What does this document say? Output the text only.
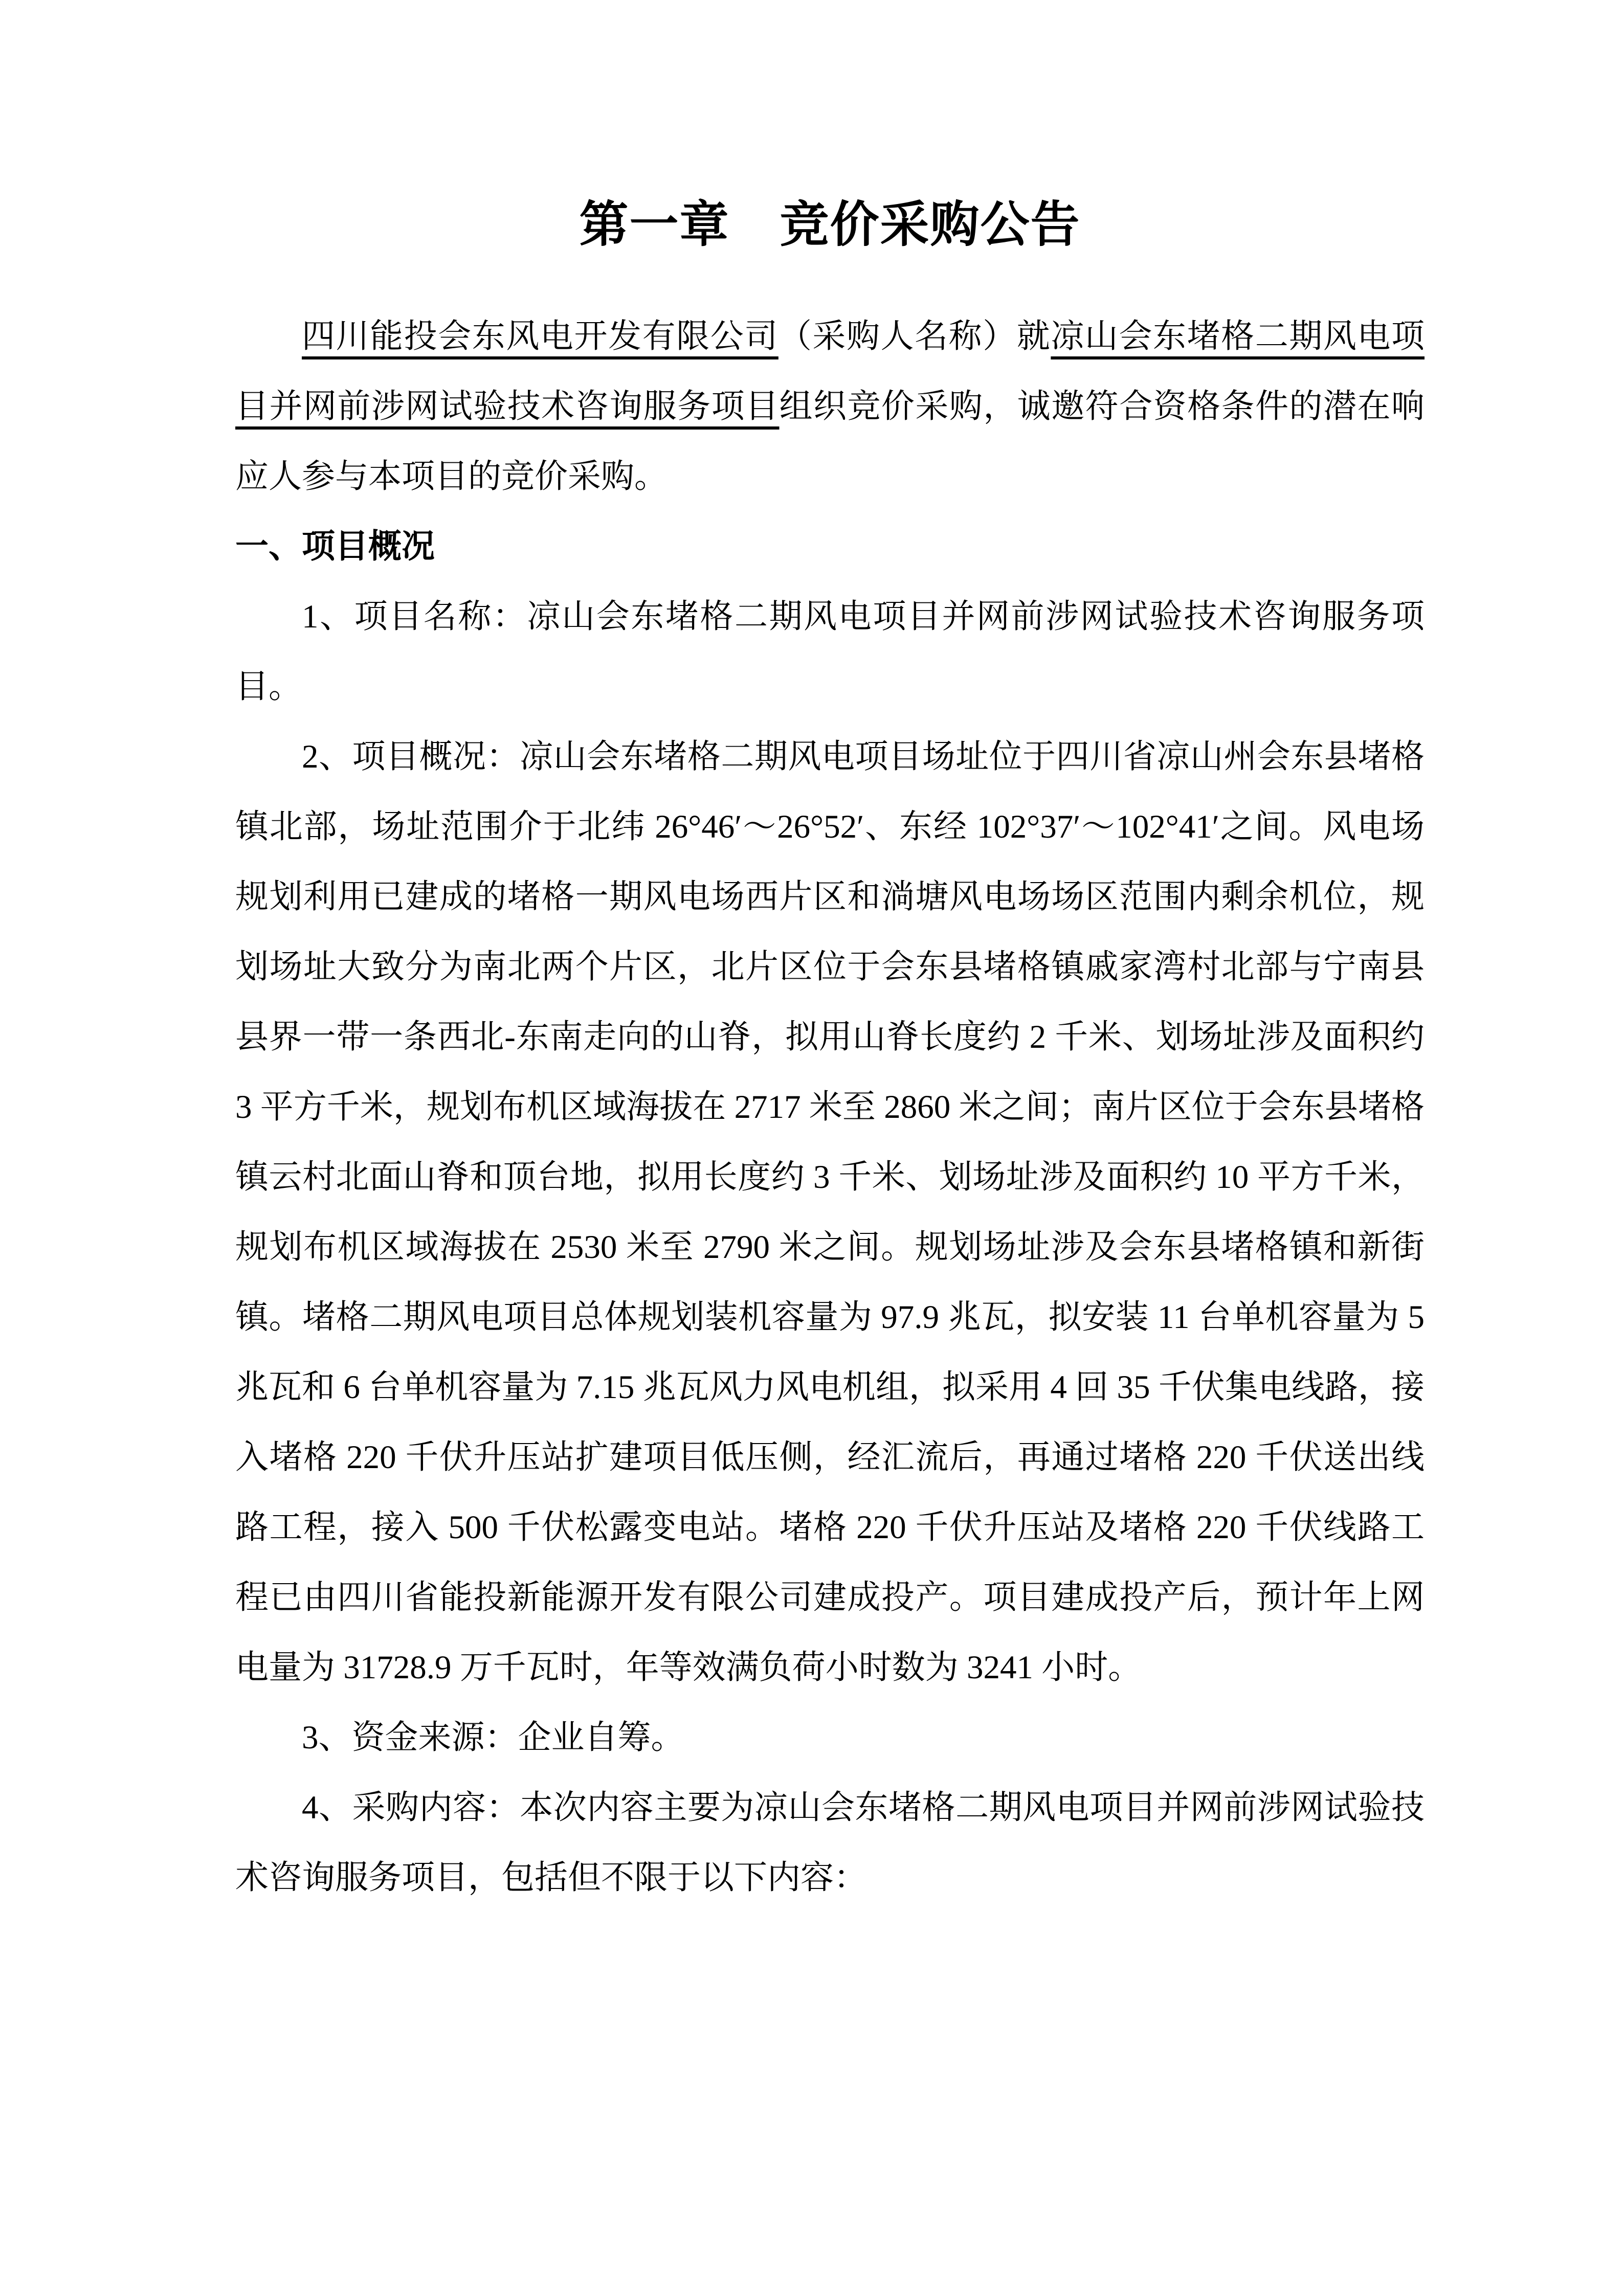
第一章　竞价采购公告

四川能投会东风电开发有限公司（采购人名称）就凉山会东堵格二期风电项目并网前涉网试验技术咨询服务项目组织竞价采购，诚邀符合资格条件的潜在响应人参与本项目的竞价采购。

一、项目概况

1、项目名称：凉山会东堵格二期风电项目并网前涉网试验技术咨询服务项目。

2、项目概况：凉山会东堵格二期风电项目场址位于四川省凉山州会东县堵格镇北部，场址范围介于北纬 26°46′～26°52′、东经 102°37′～102°41′之间。风电场规划利用已建成的堵格一期风电场西片区和淌塘风电场场区范围内剩余机位，规划场址大致分为南北两个片区，北片区位于会东县堵格镇戚家湾村北部与宁南县县界一带一条西北-东南走向的山脊，拟用山脊长度约 2 千米、划场址涉及面积约 3 平方千米，规划布机区域海拔在 2717 米至 2860 米之间；南片区位于会东县堵格镇云村北面山脊和顶台地，拟用长度约 3 千米、划场址涉及面积约 10 平方千米，规划布机区域海拔在 2530 米至 2790 米之间。规划场址涉及会东县堵格镇和新街镇。堵格二期风电项目总体规划装机容量为 97.9 兆瓦，拟安装 11 台单机容量为 5 兆瓦和 6 台单机容量为 7.15 兆瓦风力风电机组，拟采用 4 回 35 千伏集电线路，接入堵格 220 千伏升压站扩建项目低压侧，经汇流后，再通过堵格 220 千伏送出线路工程，接入 500 千伏松露变电站。堵格 220 千伏升压站及堵格 220 千伏线路工程已由四川省能投新能源开发有限公司建成投产。项目建成投产后，预计年上网电量为 31728.9 万千瓦时，年等效满负荷小时数为 3241 小时。

3、资金来源：企业自筹。

4、采购内容：本次内容主要为凉山会东堵格二期风电项目并网前涉网试验技术咨询服务项目，包括但不限于以下内容：
